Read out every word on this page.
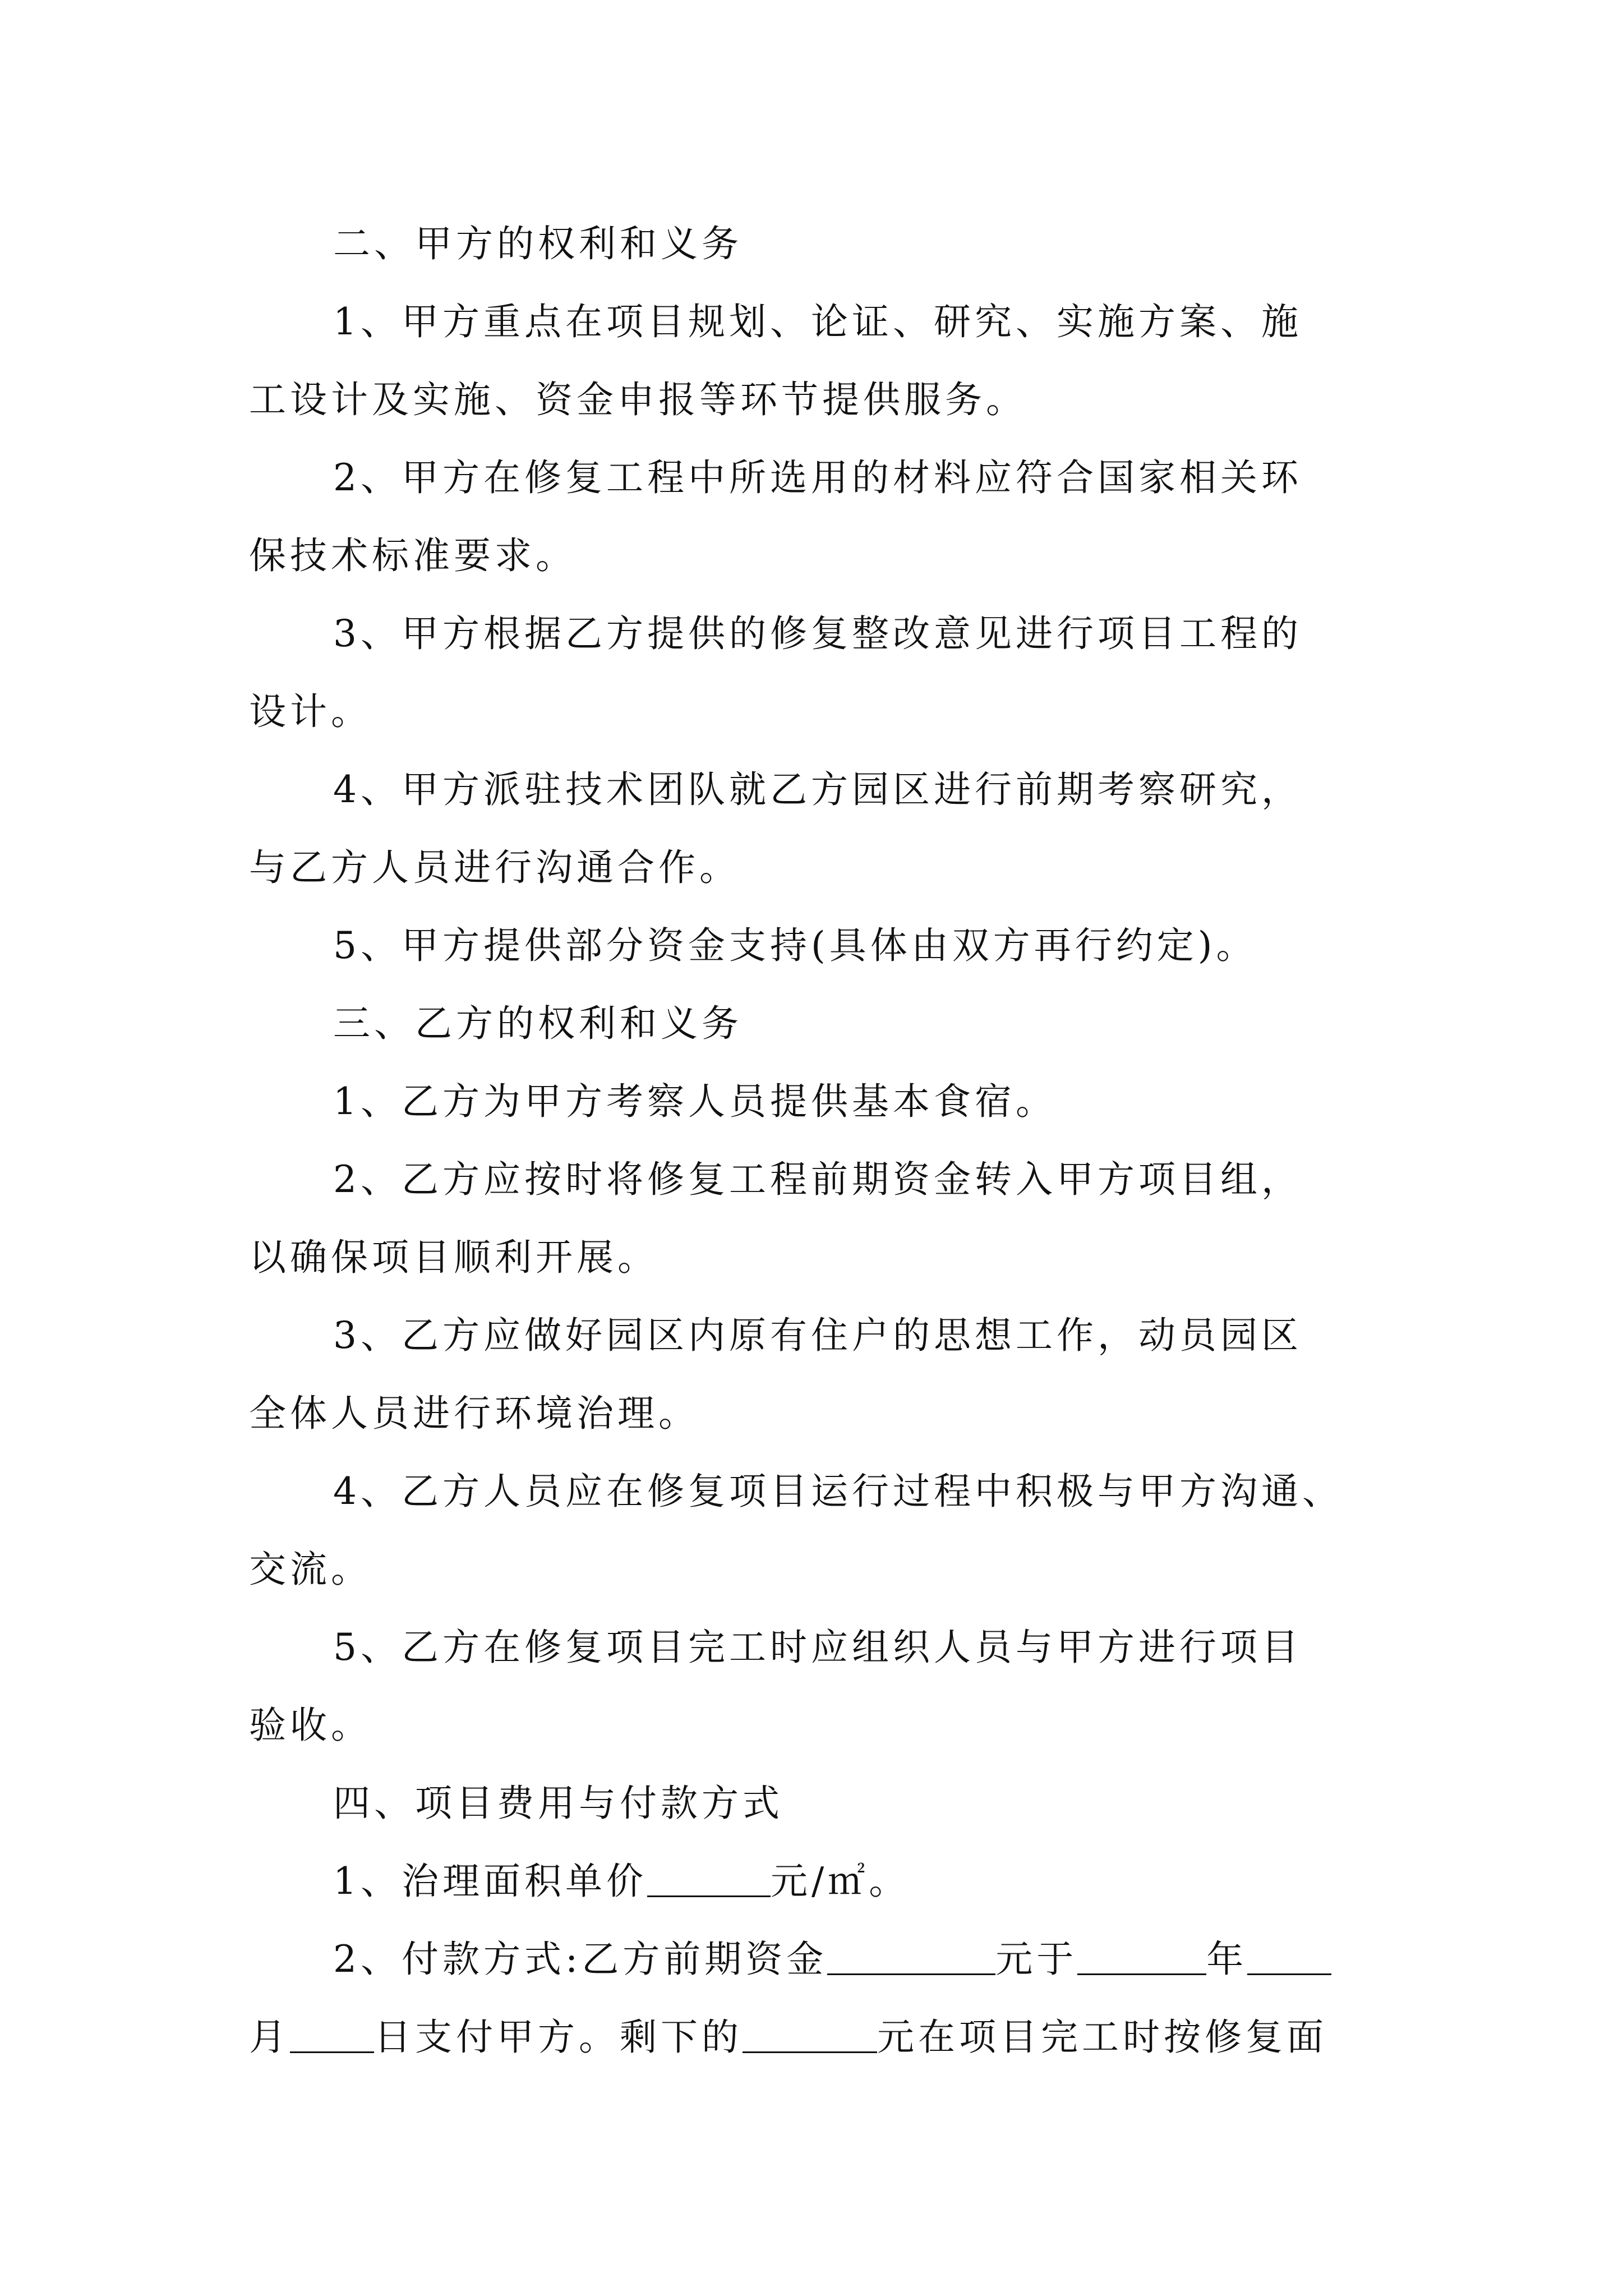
二、甲方的权利和义务
1、甲方重点在项目规划、论证、研究、实施方案、施
工设计及实施、资金申报等环节提供服务。
2、甲方在修复工程中所选用的材料应符合国家相关环
保技术标准要求。
3、甲方根据乙方提供的修复整改意见进行项目工程的
设计。
4、甲方派驻技术团队就乙方园区进行前期考察研究，
与乙方人员进行沟通合作。
5、甲方提供部分资金支持(具体由双方再行约定)。
三、乙方的权利和义务
1、乙方为甲方考察人员提供基本食宿。
2、乙方应按时将修复工程前期资金转入甲方项目组，
以确保项目顺利开展。
3、乙方应做好园区内原有住户的思想工作，动员园区
全体人员进行环境治理。
4、乙方人员应在修复项目运行过程中积极与甲方沟通、
交流。
5、乙方在修复项目完工时应组织人员与甲方进行项目
验收。
四、项目费用与付款方式
1、治理面积单价	元/㎡。
2、付款方式:乙方前期资金	元于	年
月 日支付甲方。剩下的	元在项目完工时按修复面
